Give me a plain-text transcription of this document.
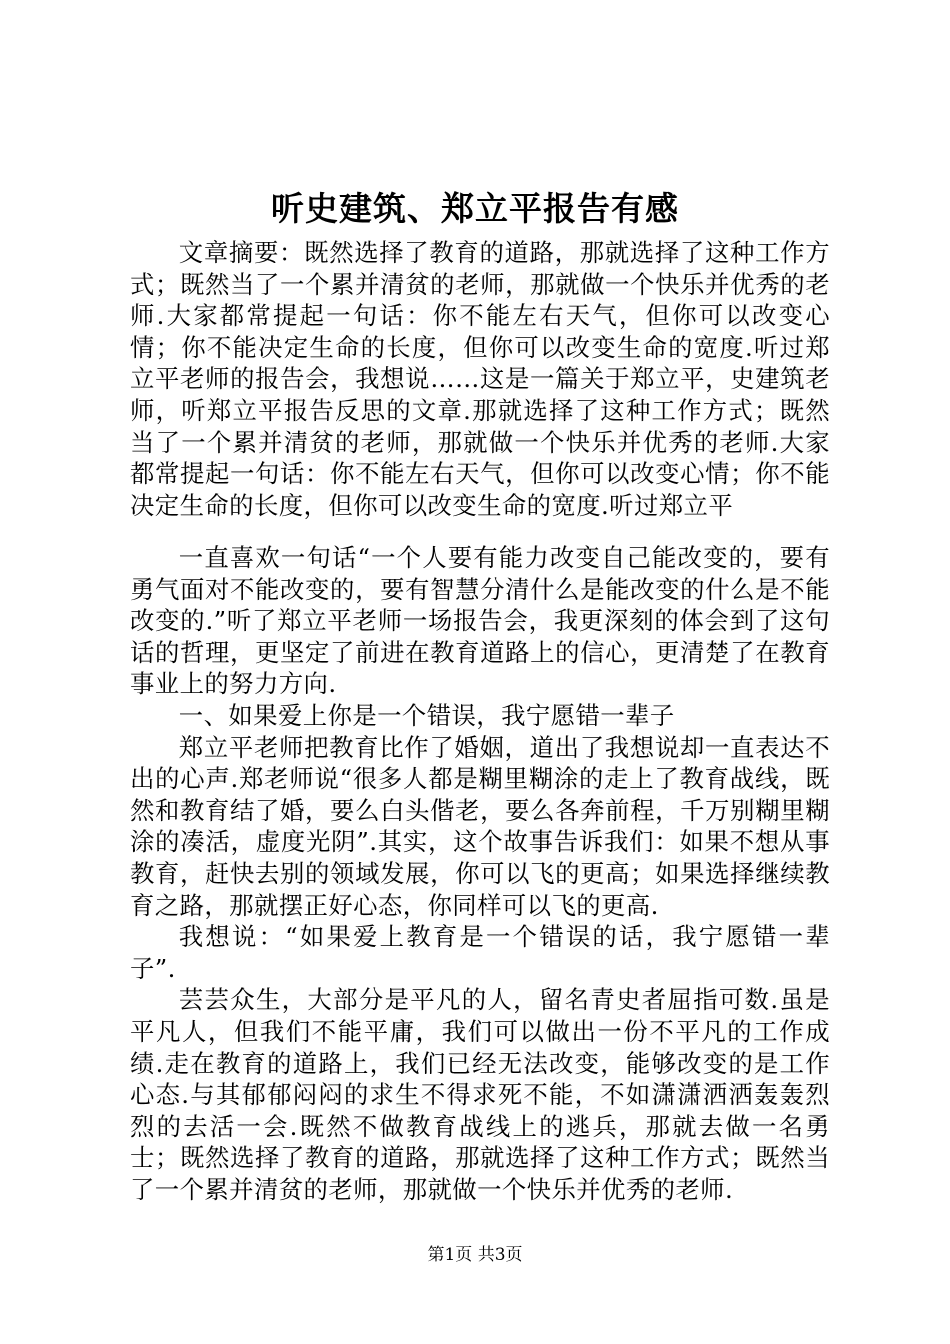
听史建筑、郑立平报告有感

文章摘要：既然选择了教育的道路，那就选择了这种工作方式；既然当了一个累并清贫的老师，那就做一个快乐并优秀的老师.大家都常提起一句话：你不能左右天气，但你可以改变心情；你不能决定生命的长度，但你可以改变生命的宽度.听过郑立平老师的报告会，我想说……这是一篇关于郑立平，史建筑老师，听郑立平报告反思的文章.那就选择了这种工作方式；既然当了一个累并清贫的老师，那就做一个快乐并优秀的老师.大家都常提起一句话：你不能左右天气，但你可以改变心情；你不能决定生命的长度，但你可以改变生命的宽度.听过郑立平

一直喜欢一句话“一个人要有能力改变自己能改变的，要有勇气面对不能改变的，要有智慧分清什么是能改变的什么是不能改变的.”听了郑立平老师一场报告会，我更深刻的体会到了这句话的哲理，更坚定了前进在教育道路上的信心，更清楚了在教育事业上的努力方向.

一、如果爱上你是一个错误，我宁愿错一辈子

郑立平老师把教育比作了婚姻，道出了我想说却一直表达不出的心声.郑老师说“很多人都是糊里糊涂的走上了教育战线，既然和教育结了婚，要么白头偕老，要么各奔前程，千万别糊里糊涂的凑活，虚度光阴”.其实，这个故事告诉我们：如果不想从事教育，赶快去别的领域发展，你可以飞的更高；如果选择继续教育之路，那就摆正好心态，你同样可以飞的更高.

我想说：“如果爱上教育是一个错误的话，我宁愿错一辈子”.

芸芸众生，大部分是平凡的人，留名青史者屈指可数.虽是平凡人，但我们不能平庸，我们可以做出一份不平凡的工作成绩.走在教育的道路上，我们已经无法改变，能够改变的是工作心态.与其郁郁闷闷的求生不得求死不能，不如潇潇洒洒轰轰烈烈的去活一会.既然不做教育战线上的逃兵，那就去做一名勇士；既然选择了教育的道路，那就选择了这种工作方式；既然当了一个累并清贫的老师，那就做一个快乐并优秀的老师.

第1页 共3页
